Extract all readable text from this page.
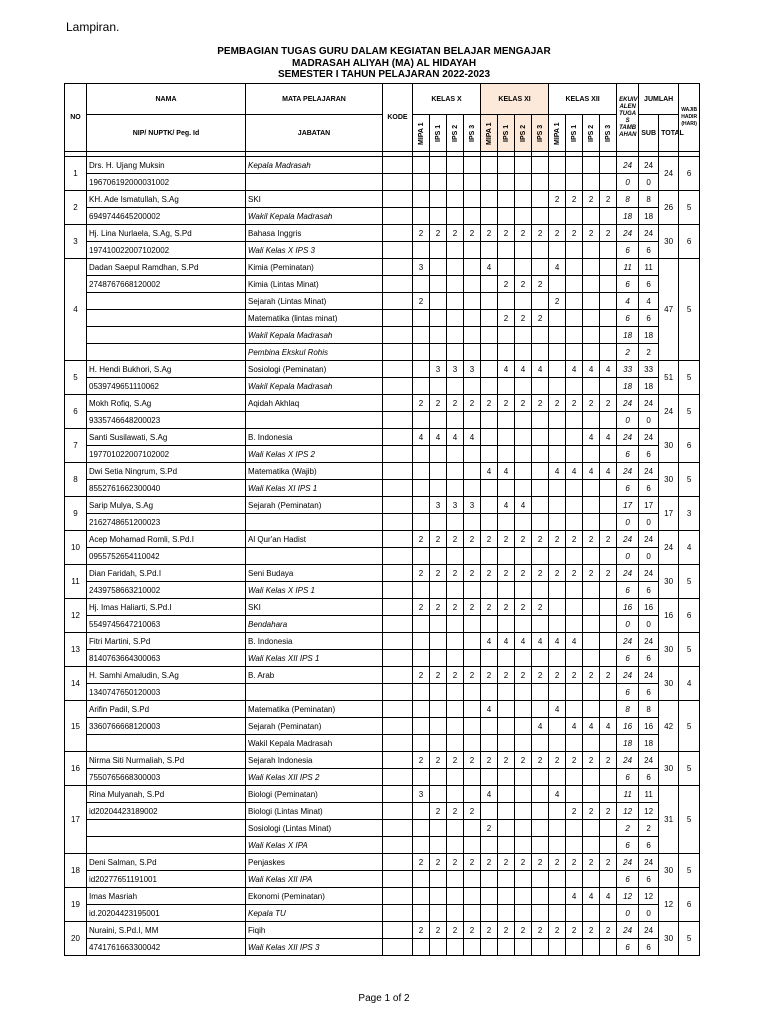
Lampiran.
PEMBAGIAN TUGAS GURU DALAM KEGIATAN BELAJAR MENGAJAR
MADRASAH ALIYAH (MA) AL HIDAYAH
SEMESTER I TAHUN PELAJARAN 2022-2023
NO	NAMA	MATA PELAJARAN	KODE	KELAS X				KELAS XI				KELAS XII				EKUIV ALEN TUGA S TAMB AHAN	JUMLAH		WAJIB HADIR (HARI)

	NIP/ NUPTK/ Peg. Id	JABATAN		MIPA 1	IPS 1	IPS 2	IPS 3	MIPA 1	IPS 1	IPS 2	IPS 3	MIPA 1	IPS 1	IPS 2	IPS 3		SUB	TOTAL	

1	Drs. H. Ujang Muksin	Kepala Madrasah														24	24	24	6
	196706192000031002															0	0		
2	KH. Ade Ismatullah, S.Ag	SKI										2	2	2	2	8	8	26	5
	6949744645200002	Wakil Kepala Madrasah														18	18		
3	Hj. Lina Nurlaela, S.Ag, S.Pd	Bahasa Inggris		2	2	2	2	2	2	2	2	2	2	2	2	24	24	30	6
	197410022007102002	Wali Kelas X IPS 3														6	6		
4	Dadan Saepul Ramdhan, S.Pd	Kimia (Peminatan)		3				4				4				11	11	47	5
	2748767668120002	Kimia (Lintas Minat)							2	2	2					6	6		
		Sejarah (Lintas Minat)		2								2				4	4		
		Matematika (lintas minat)							2	2	2					6	6		
		Wakil Kepala Madrasah														18	18		
		Pembina Ekskul Rohis														2	2		
5	H. Hendi Bukhori, S.Ag	Sosiologi (Peminatan)			3	3	3		4	4	4		4	4	4	33	33	51	5
	0539749651110062	Wakil Kepala Madrasah														18	18		
6	Mokh Rofiq, S.Ag	Aqidah Akhlaq		2	2	2	2	2	2	2	2	2	2	2	2	24	24	24	5
	9335746648200023															0	0		
7	Santi Susilawati, S.Ag	B. Indonesia		4	4	4	4							4	4	24	24	30	6
	197701022007102002	Wali Kelas X IPS 2														6	6		
8	Dwi Setia Ningrum, S.Pd	Matematika (Wajib)						4	4			4	4	4	4	24	24	30	5
	8552761662300040	Wali Kelas XI IPS 1														6	6		
9	Sarip Mulya, S.Ag	Sejarah (Peminatan)			3	3	3		4	4						17	17	17	3
	2162748651200023															0	0		
10	Acep Mohamad Romli, S.Pd.I	Al Qur'an Hadist		2	2	2	2	2	2	2	2	2	2	2	2	24	24	24	4
	0955752654110042															0	0		
11	Dian Faridah, S.Pd.I	Seni Budaya		2	2	2	2	2	2	2	2	2	2	2	2	24	24	30	5
	2439758663210002	Wali Kelas X IPS 1														6	6		
12	Hj. Imas Haliarti, S.Pd.I	SKI		2	2	2	2	2	2	2	2					16	16	16	6
	5549745647210063	Bendahara														0	0		
13	Fitri Martini, S.Pd	B. Indonesia						4	4	4	4	4	4			24	24	30	5
	8140763664300063	Wali Kelas XII IPS 1														6	6		
14	H. Samhi Amaludin, S.Ag	B. Arab		2	2	2	2	2	2	2	2	2	2	2	2	24	24	30	4
	1340747650120003															6	6		
15	Arifin Padil, S.Pd	Matematika (Peminatan)						4				4				8	8	42	5
	3360766668120003	Sejarah (Peminatan)									4		4	4	4	16	16		
		Wakil Kepala Madrasah														18	18		
16	Nirma Siti Nurmaliah, S.Pd	Sejarah Indonesia		2	2	2	2	2	2	2	2	2	2	2	2	24	24	30	5
	7550765668300003	Wali Kelas XII IPS 2														6	6		
17	Rina Mulyanah, S.Pd	Biologi (Peminatan)		3				4				4				11	11	31	5
	id20204423189002	Biologi (Lintas Minat)			2	2	2						2	2	2	12	12		
		Sosiologi (Lintas Minat)						2								2	2		
		Wali Kelas X IPA														6	6		
18	Deni Salman, S.Pd	Penjaskes		2	2	2	2	2	2	2	2	2	2	2	2	24	24	30	5
	id20277651191001	Wali Kelas XII IPA														6	6		
19	Imas Masriah	Ekonomi (Peminatan)											4	4	4	12	12	12	6
	id.20204423195001	Kepala TU														0	0		
20	Nuraini, S.Pd.I, MM	Fiqih		2	2	2	2	2	2	2	2	2	2	2	2	24	24	30	5
	4741761663300042	Wali Kelas XII IPS 3														6	6		
Page 1 of 2
